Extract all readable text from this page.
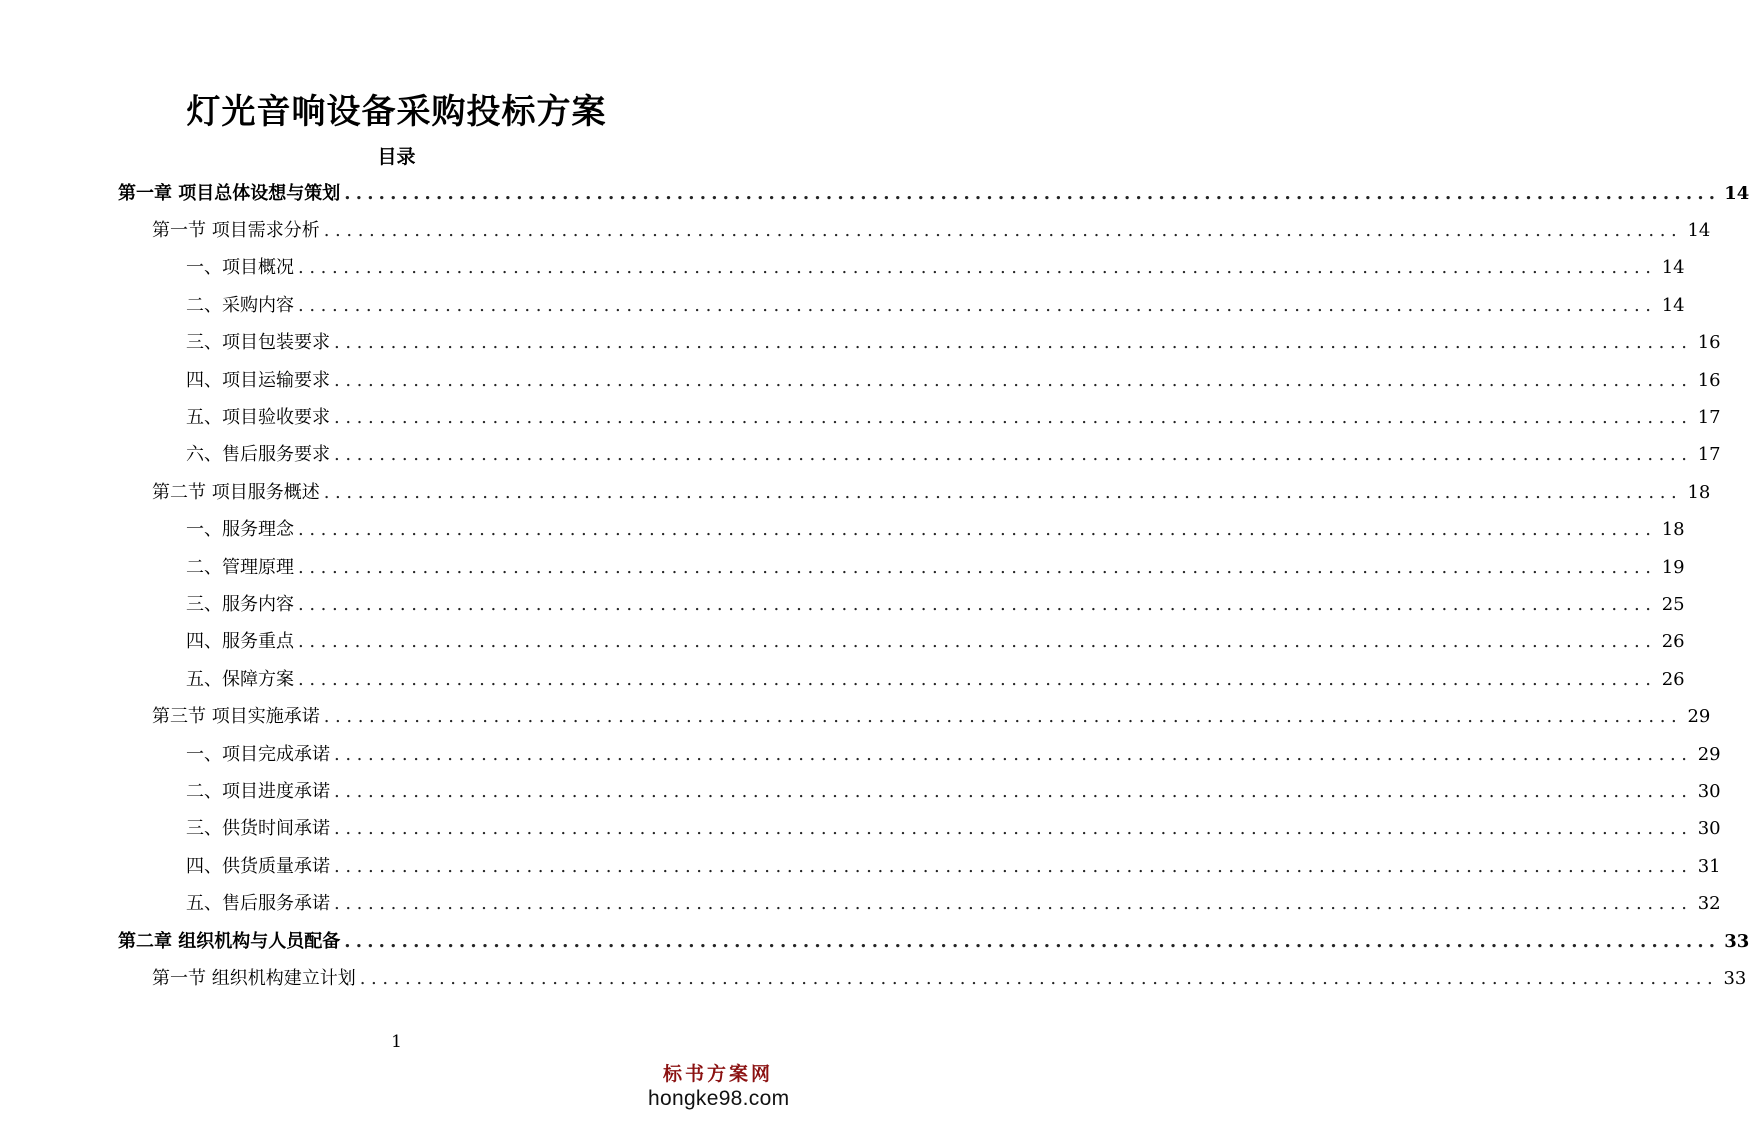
灯光音响设备采购投标方案
目录
第一章 项目总体设想与策划 ........................................................................................................................ 14
第一节 项目需求分析 ........................................................................................................................ 14
一、项目概况 ........................................................................................................................ 14
二、采购内容 ........................................................................................................................ 14
三、项目包装要求 ........................................................................................................................ 16
四、项目运输要求 ........................................................................................................................ 16
五、项目验收要求 ........................................................................................................................ 17
六、售后服务要求 ........................................................................................................................ 17
第二节 项目服务概述 ........................................................................................................................ 18
一、服务理念 ........................................................................................................................ 18
二、管理原理 ........................................................................................................................ 19
三、服务内容 ........................................................................................................................ 25
四、服务重点 ........................................................................................................................ 26
五、保障方案 ........................................................................................................................ 26
第三节 项目实施承诺 ........................................................................................................................ 29
一、项目完成承诺 ........................................................................................................................ 29
二、项目进度承诺 ........................................................................................................................ 30
三、供货时间承诺 ........................................................................................................................ 30
四、供货质量承诺 ........................................................................................................................ 31
五、售后服务承诺 ........................................................................................................................ 32
第二章 组织机构与人员配备 ........................................................................................................................ 33
第一节 组织机构建立计划 ........................................................................................................................ 33
1
标书方案网
hongke98.com
